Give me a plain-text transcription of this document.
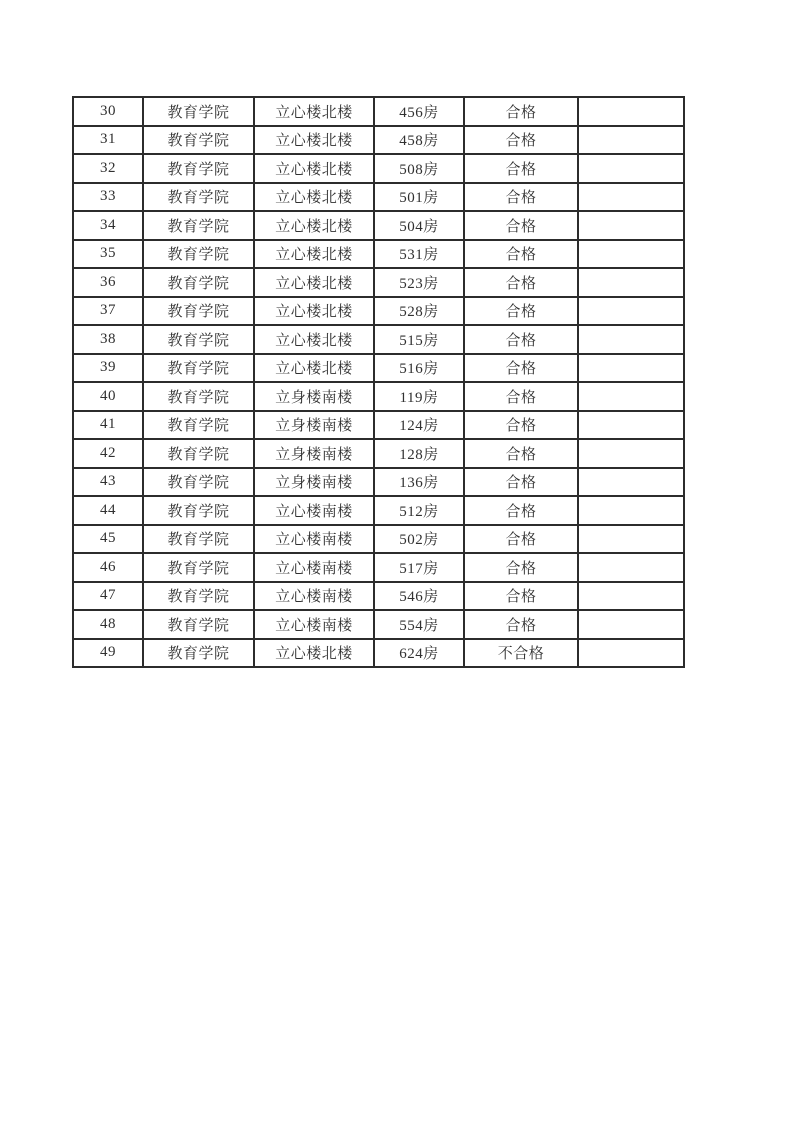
30	教育学院	立心楼北楼	456房	合格	
31	教育学院	立心楼北楼	458房	合格	
32	教育学院	立心楼北楼	508房	合格	
33	教育学院	立心楼北楼	501房	合格	
34	教育学院	立心楼北楼	504房	合格	
35	教育学院	立心楼北楼	531房	合格	
36	教育学院	立心楼北楼	523房	合格	
37	教育学院	立心楼北楼	528房	合格	
38	教育学院	立心楼北楼	515房	合格	
39	教育学院	立心楼北楼	516房	合格	
40	教育学院	立身楼南楼	119房	合格	
41	教育学院	立身楼南楼	124房	合格	
42	教育学院	立身楼南楼	128房	合格	
43	教育学院	立身楼南楼	136房	合格	
44	教育学院	立心楼南楼	512房	合格	
45	教育学院	立心楼南楼	502房	合格	
46	教育学院	立心楼南楼	517房	合格	
47	教育学院	立心楼南楼	546房	合格	
48	教育学院	立心楼南楼	554房	合格	
49	教育学院	立心楼北楼	624房	不合格	
